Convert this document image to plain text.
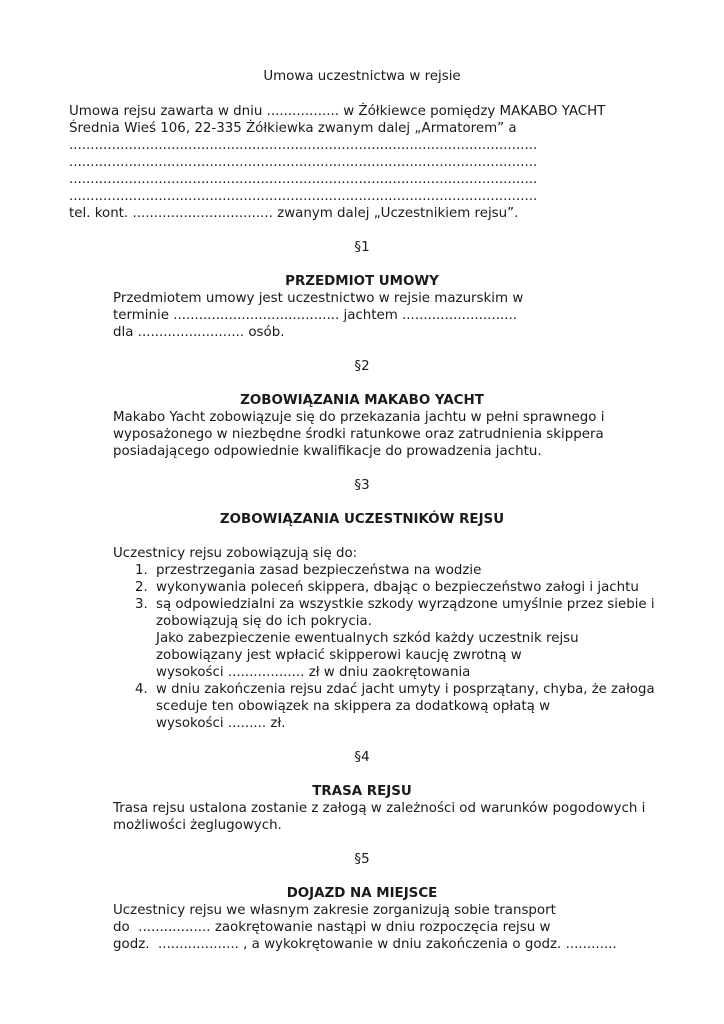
Umowa uczestnictwa w rejsie

Umowa rejsu zawarta w dniu ................. w Żółkiewce pomiędzy MAKABO YACHT

Średnia Wieś 106, 22-335 Żółkiewka zwanym dalej „Armatorem” a

..............................................................................................................

..............................................................................................................

..............................................................................................................

..............................................................................................................

tel. kont. ................................. zwanym dalej „Uczestnikiem rejsu”.

§1

PRZEDMIOT UMOWY

Przedmiotem umowy jest uczestnictwo w rejsie mazurskim w

terminie ....................................... jachtem ...........................

dla ......................... osób.

§2

ZOBOWIĄZANIA MAKABO YACHT

Makabo Yacht zobowiązuje się do przekazania jachtu w pełni sprawnego i

wyposażonego w niezbędne środki ratunkowe oraz zatrudnienia skippera

posiadającego odpowiednie kwalifikacje do prowadzenia jachtu.

§3

ZOBOWIĄZANIA UCZESTNIKÓW REJSU

Uczestnicy rejsu zobowiązują się do:

1. przestrzegania zasad bezpieczeństwa na wodzie

2. wykonywania poleceń skippera, dbając o bezpieczeństwo załogi i jachtu

3. są odpowiedzialni za wszystkie szkody wyrządzone umyślnie przez siebie i

zobowiązują się do ich pokrycia.

Jako zabezpieczenie ewentualnych szkód każdy uczestnik rejsu

zobowiązany jest wpłacić skipperowi kaucję zwrotną w

wysokości .................. zł w dniu zaokrętowania

4. w dniu zakończenia rejsu zdać jacht umyty i posprzątany, chyba, że załoga

sceduje ten obowiązek na skippera za dodatkową opłatą w

wysokości ......... zł.

§4

TRASA REJSU

Trasa rejsu ustalona zostanie z załogą w zależności od warunków pogodowych i

możliwości żeglugowych.

§5

DOJAZD NA MIEJSCE

Uczestnicy rejsu we własnym zakresie zorganizują sobie transport

do  ................. zaokrętowanie nastąpi w dniu rozpoczęcia rejsu w

godz.  ................... , a wykokrętowanie w dniu zakończenia o godz. ............
